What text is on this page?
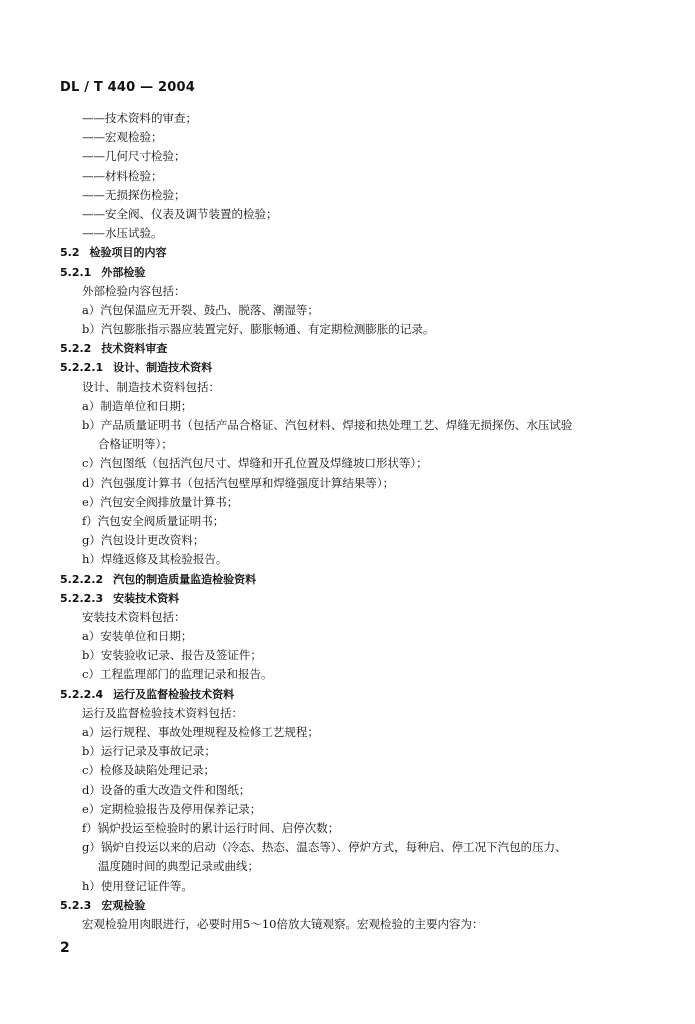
DL / T 440 — 2004
——技术资料的审查；
——宏观检验；
——几何尺寸检验；
——材料检验；
——无损探伤检验；
——安全阀、仪表及调节装置的检验；
——水压试验。
5.2 检验项目的内容
5.2.1 外部检验
外部检验内容包括：
a）汽包保温应无开裂、鼓凸、脱落、潮湿等；
b）汽包膨胀指示器应装置完好、膨胀畅通、有定期检测膨胀的记录。
5.2.2 技术资料审查
5.2.2.1 设计、制造技术资料
设计、制造技术资料包括：
a）制造单位和日期；
b）产品质量证明书（包括产品合格证、汽包材料、焊接和热处理工艺、焊缝无损探伤、水压试验
合格证明等）；
c）汽包图纸（包括汽包尺寸、焊缝和开孔位置及焊缝坡口形状等）；
d）汽包强度计算书（包括汽包壁厚和焊缝强度计算结果等）；
e）汽包安全阀排放量计算书；
f）汽包安全阀质量证明书；
g）汽包设计更改资料；
h）焊缝返修及其检验报告。
5.2.2.2 汽包的制造质量监造检验资料
5.2.2.3 安装技术资料
安装技术资料包括：
a）安装单位和日期；
b）安装验收记录、报告及签证件；
c）工程监理部门的监理记录和报告。
5.2.2.4 运行及监督检验技术资料
运行及监督检验技术资料包括：
a）运行规程、事故处理规程及检修工艺规程；
b）运行记录及事故记录；
c）检修及缺陷处理记录；
d）设备的重大改造文件和图纸；
e）定期检验报告及停用保养记录；
f）锅炉投运至检验时的累计运行时间、启停次数；
g）锅炉自投运以来的启动（冷态、热态、温态等）、停炉方式，每种启、停工况下汽包的压力、
温度随时间的典型记录或曲线；
h）使用登记证件等。
5.2.3 宏观检验
宏观检验用肉眼进行，必要时用5～10倍放大镜观察。宏观检验的主要内容为：
2
